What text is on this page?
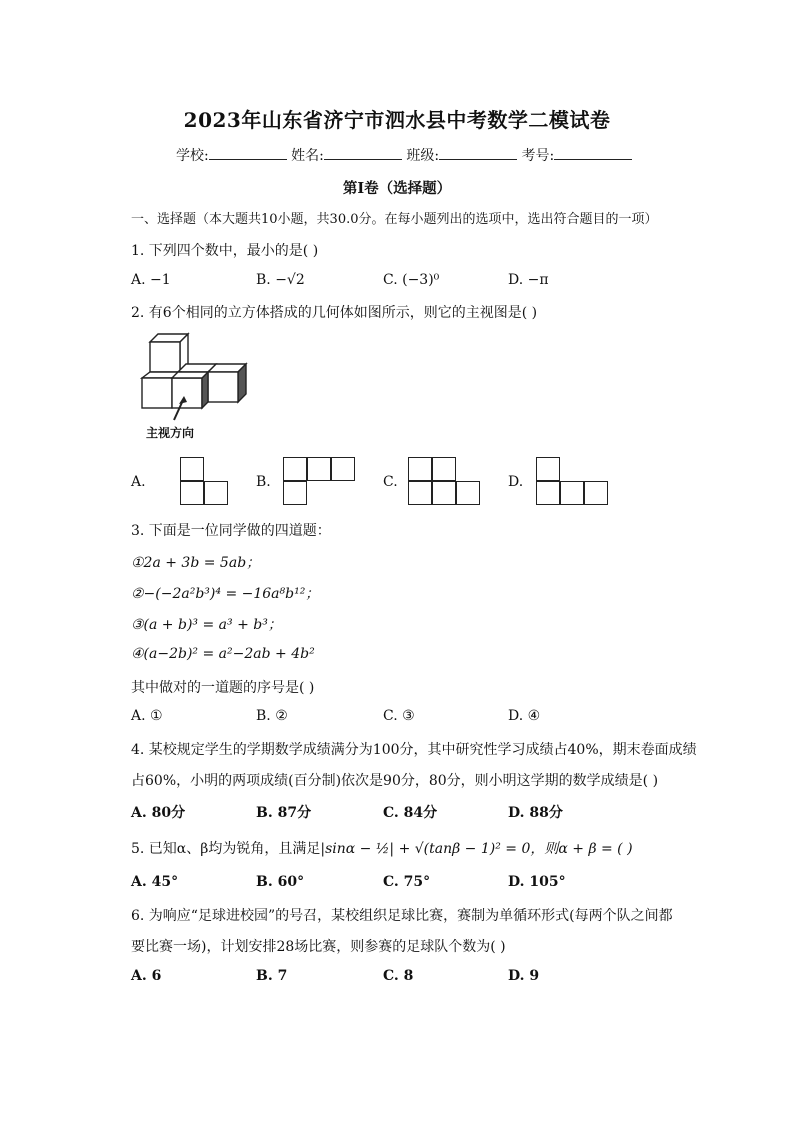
2023年山东省济宁市泗水县中考数学二模试卷
学校:	姓名:	班级:	考号:
第Ⅰ卷（选择题）
一、选择题（本大题共10小题，共30.0分。在每小题列出的选项中，选出符合题目的一项）
1. 下列四个数中，最小的是( )
A. −1	B. −√2	C. (−3)⁰	D. −π
2. 有6个相同的立方体搭成的几何体如图所示，则它的主视图是( )
主视方向
A.	B.	C.	D.
3. 下面是一位同学做的四道题：
①2a + 3b = 5ab；
②−(−2a²b³)⁴ = −16a⁸b¹²；
③(a + b)³ = a³ + b³；
④(a−2b)² = a²−2ab + 4b²
其中做对的一道题的序号是( )
A. ①	B. ②	C. ③	D. ④
4. 某校规定学生的学期数学成绩满分为100分，其中研究性学习成绩占40%，期末卷面成绩
占60%，小明的两项成绩(百分制)依次是90分，80分，则小明这学期的数学成绩是( )
A. 80分	B. 87分	C. 84分	D. 88分
5. 已知α、β均为锐角，且满足|sinα − ½| + √(tanβ − 1)² = 0，则α + β = ( )
A. 45°	B. 60°	C. 75°	D. 105°
6. 为响应“足球进校园”的号召，某校组织足球比赛，赛制为单循环形式(每两个队之间都
要比赛一场)，计划安排28场比赛，则参赛的足球队个数为( )
A. 6	B. 7	C. 8	D. 9
